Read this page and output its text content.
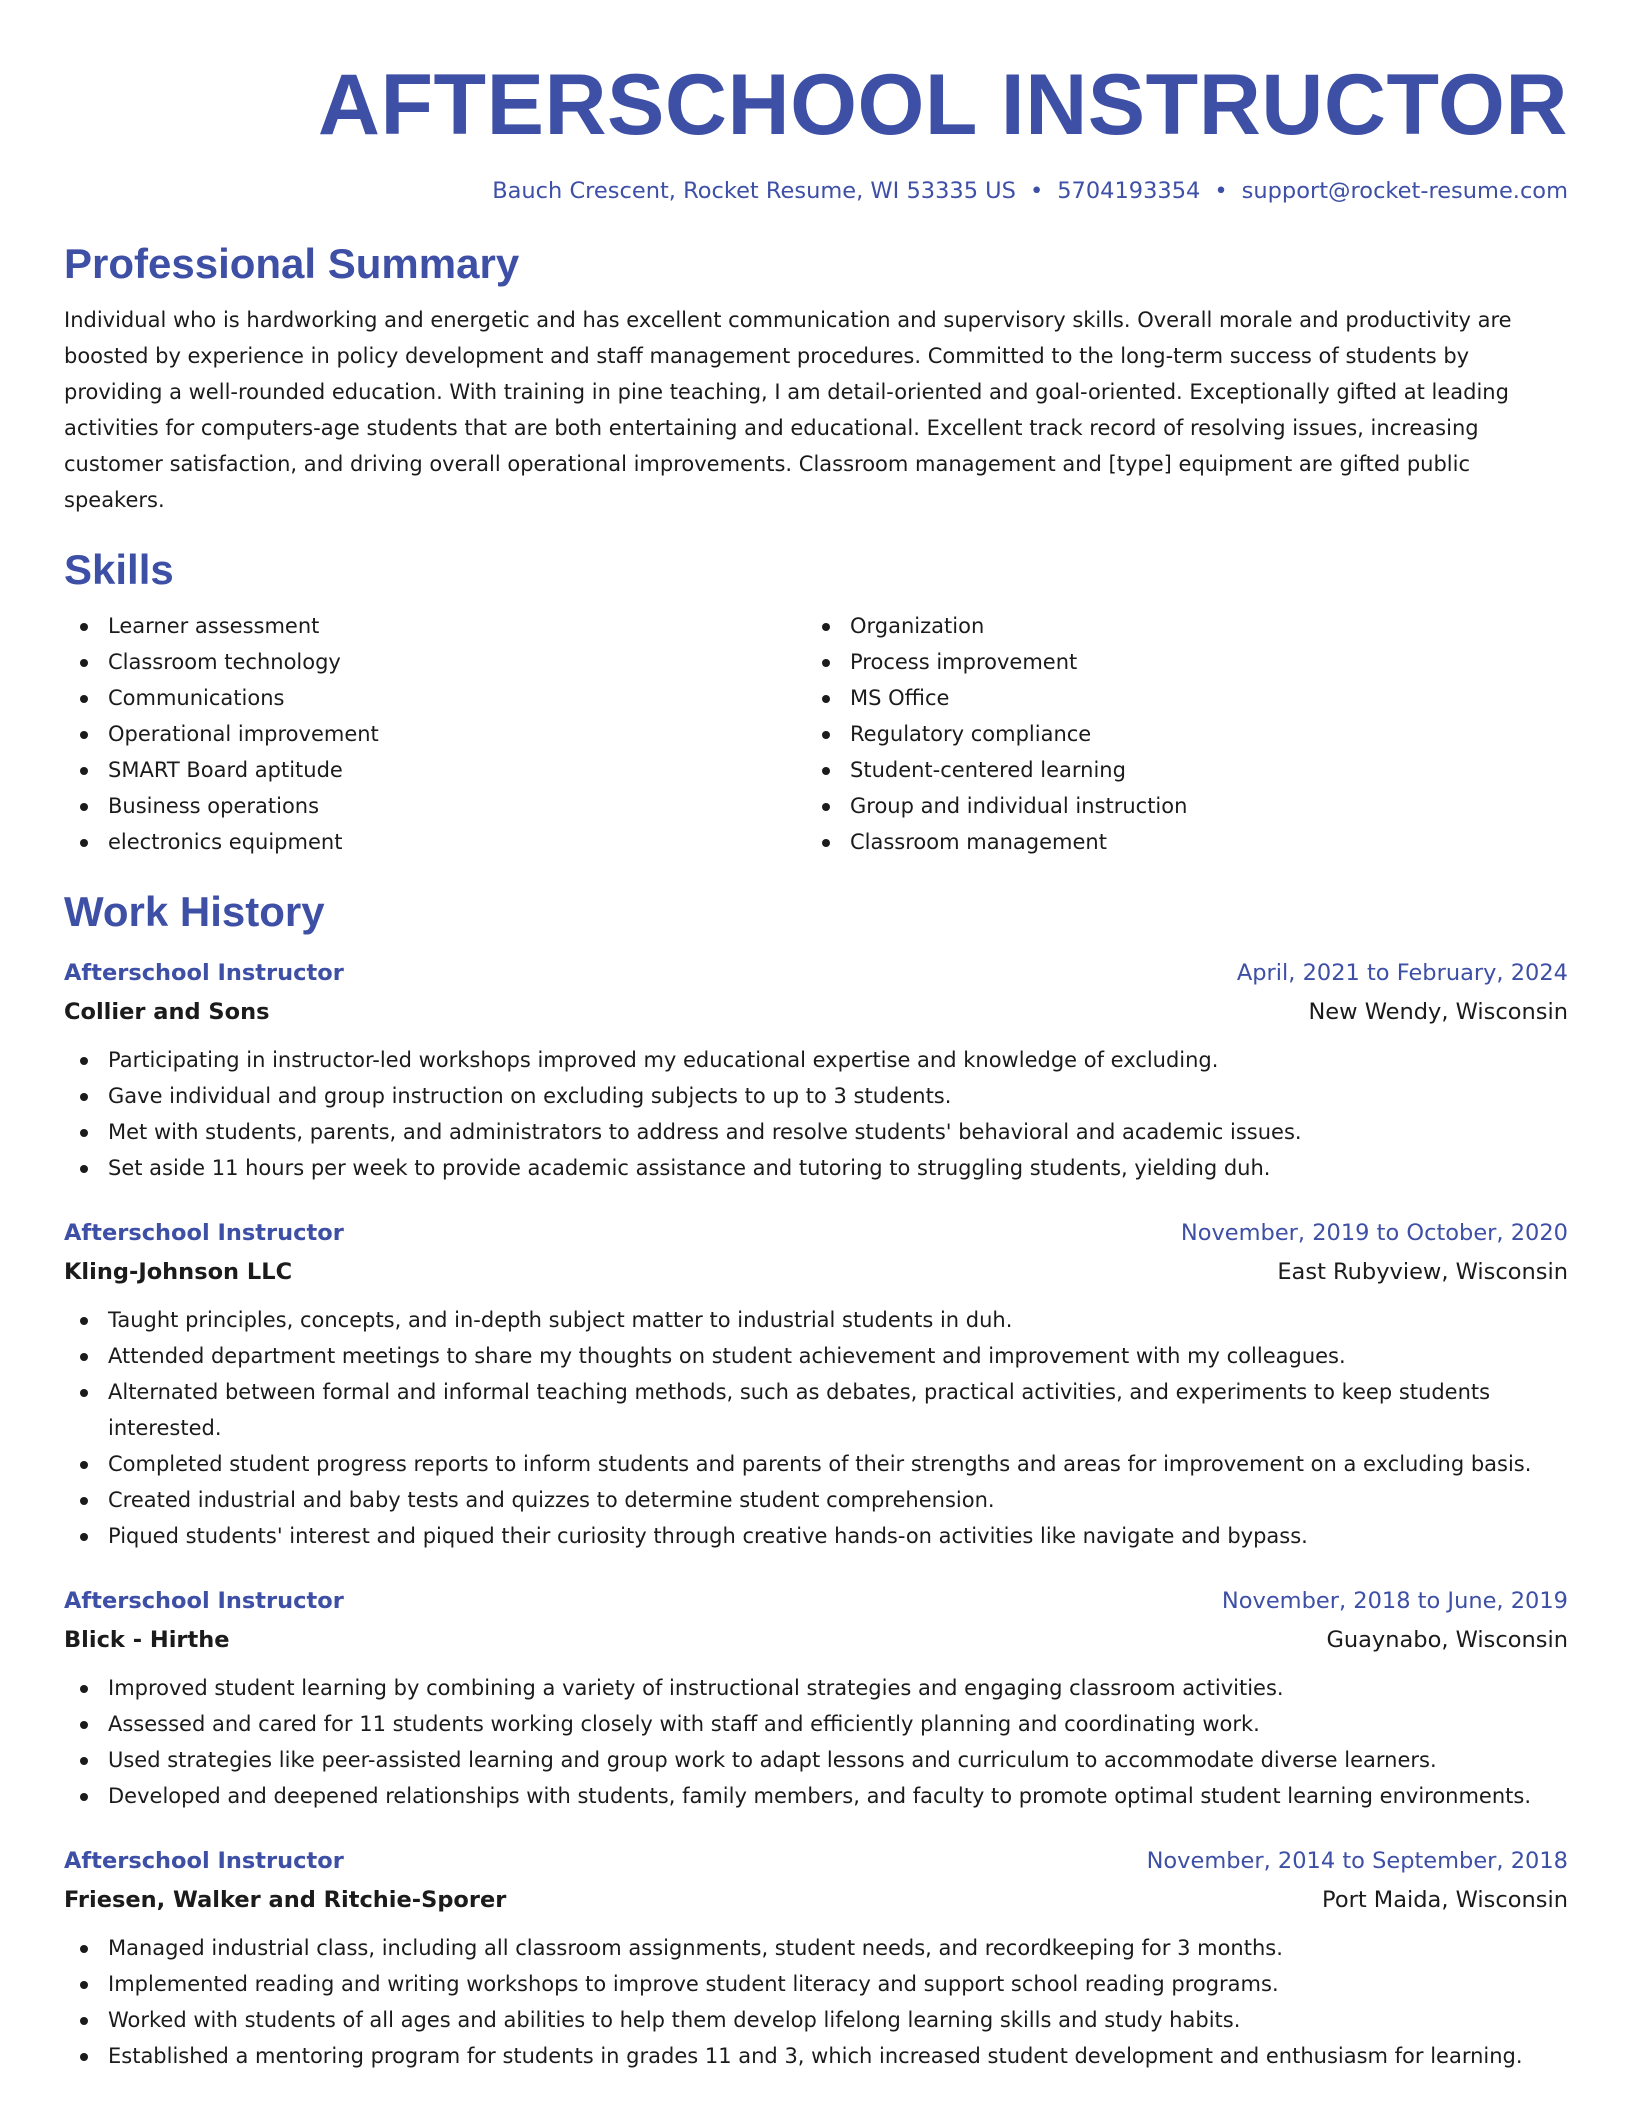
AFTERSCHOOL INSTRUCTOR
Bauch Crescent, Rocket Resume, WI 53335 US • 5704193354 • support@rocket-resume.com
Professional Summary
Individual who is hardworking and energetic and has excellent communication and supervisory skills. Overall morale and productivity are boosted by experience in policy development and staff management procedures. Committed to the long-term success of students by providing a well-rounded education. With training in pine teaching, I am detail-oriented and goal-oriented. Exceptionally gifted at leading activities for computers-age students that are both entertaining and educational. Excellent track record of resolving issues, increasing customer satisfaction, and driving overall operational improvements. Classroom management and [type] equipment are gifted public speakers.
Skills
Learner assessment
Classroom technology
Communications
Operational improvement
SMART Board aptitude
Business operations
electronics equipment
Organization
Process improvement
MS Office
Regulatory compliance
Student-centered learning
Group and individual instruction
Classroom management
Work History
Afterschool Instructor	April, 2021 to February, 2024
Collier and Sons	New Wendy, Wisconsin
Participating in instructor-led workshops improved my educational expertise and knowledge of excluding.
Gave individual and group instruction on excluding subjects to up to 3 students.
Met with students, parents, and administrators to address and resolve students' behavioral and academic issues.
Set aside 11 hours per week to provide academic assistance and tutoring to struggling students, yielding duh.
Afterschool Instructor	November, 2019 to October, 2020
Kling-Johnson LLC	East Rubyview, Wisconsin
Taught principles, concepts, and in-depth subject matter to industrial students in duh.
Attended department meetings to share my thoughts on student achievement and improvement with my colleagues.
Alternated between formal and informal teaching methods, such as debates, practical activities, and experiments to keep students interested.
Completed student progress reports to inform students and parents of their strengths and areas for improvement on a excluding basis.
Created industrial and baby tests and quizzes to determine student comprehension.
Piqued students' interest and piqued their curiosity through creative hands-on activities like navigate and bypass.
Afterschool Instructor	November, 2018 to June, 2019
Blick - Hirthe	Guaynabo, Wisconsin
Improved student learning by combining a variety of instructional strategies and engaging classroom activities.
Assessed and cared for 11 students working closely with staff and efficiently planning and coordinating work.
Used strategies like peer-assisted learning and group work to adapt lessons and curriculum to accommodate diverse learners.
Developed and deepened relationships with students, family members, and faculty to promote optimal student learning environments.
Afterschool Instructor	November, 2014 to September, 2018
Friesen, Walker and Ritchie-Sporer	Port Maida, Wisconsin
Managed industrial class, including all classroom assignments, student needs, and recordkeeping for 3 months.
Implemented reading and writing workshops to improve student literacy and support school reading programs.
Worked with students of all ages and abilities to help them develop lifelong learning skills and study habits.
Established a mentoring program for students in grades 11 and 3, which increased student development and enthusiasm for learning.
